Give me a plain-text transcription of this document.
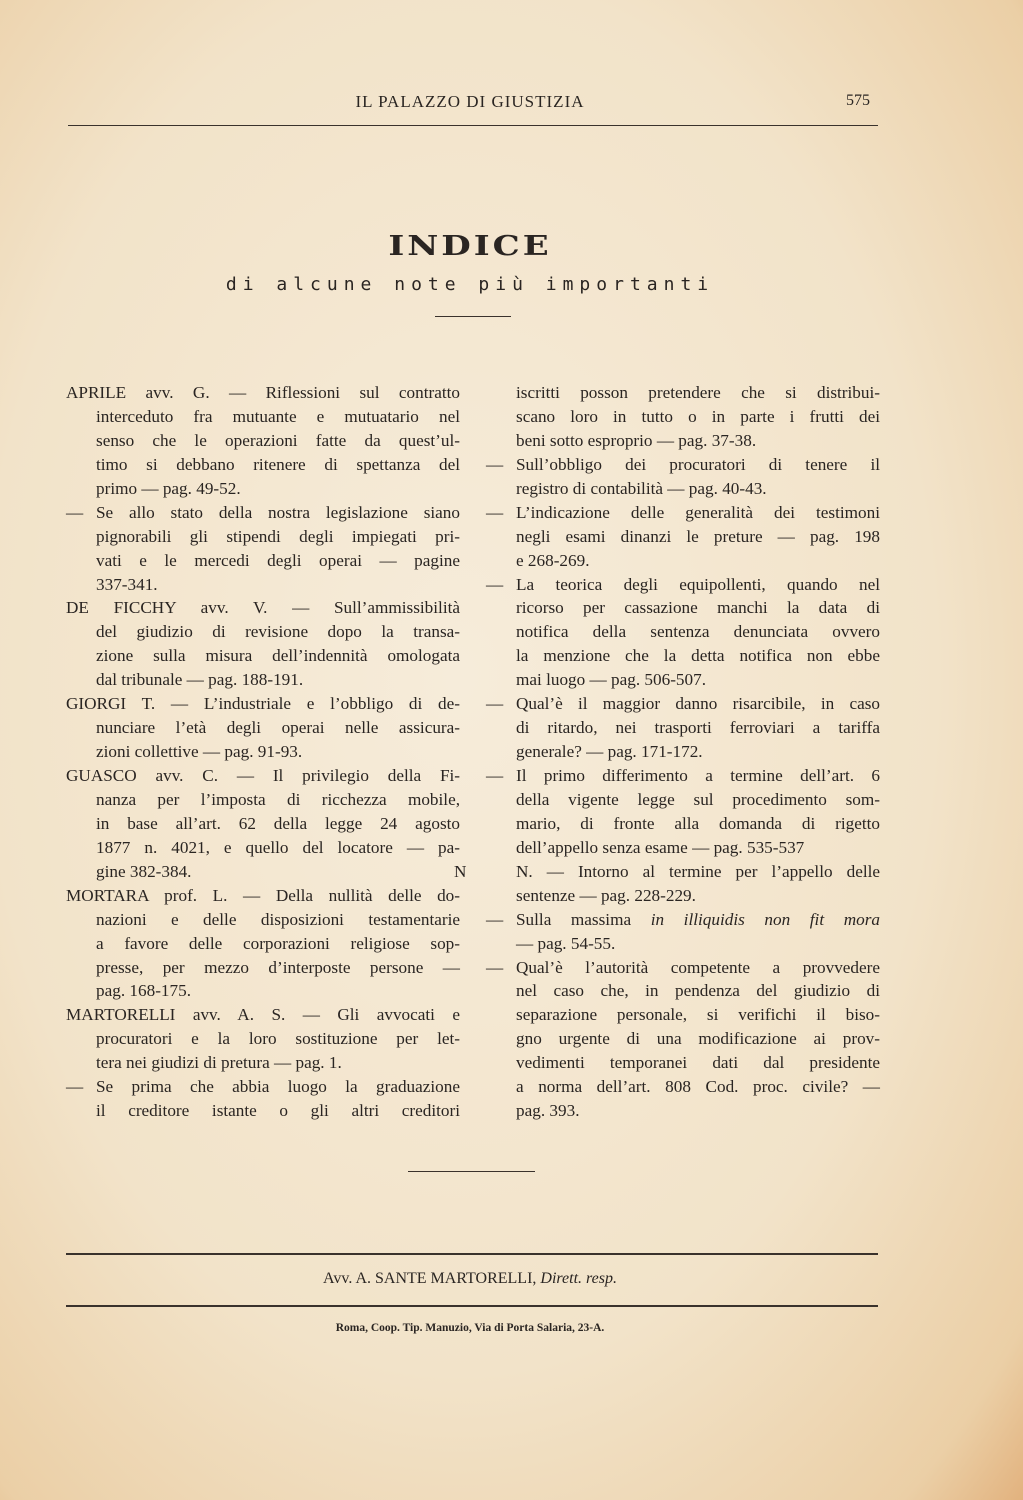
IL PALAZZO DI GIUSTIZIA	575
INDICE
di alcune note più importanti
APRILE avv. G. — Riflessioni sul contratto
interceduto fra mutuante e mutuatario nel
senso che le operazioni fatte da quest’ul-
timo si debbano ritenere di spettanza del
primo — pag. 49-52.
— Se allo stato della nostra legislazione siano
pignorabili gli stipendi degli impiegati pri-
vati e le mercedi degli operai — pagine
337-341.
DE FICCHY avv. V. — Sull’ammissibilità
del giudizio di revisione dopo la transa-
zione sulla misura dell’indennità omologata
dal tribunale — pag. 188-191.
GIORGI T. — L’industriale e l’obbligo di de-
nunciare l’età degli operai nelle assicura-
zioni collettive — pag. 91-93.
GUASCO avv. C. — Il privilegio della Fi-
nanza per l’imposta di ricchezza mobile,
in base all’art. 62 della legge 24 agosto
1877 n. 4021, e quello del locatore — pa-
gine 382-384.
MORTARA prof. L. — Della nullità delle do-
nazioni e delle disposizioni testamentarie
a favore delle corporazioni religiose sop-
presse, per mezzo d’interposte persone —
pag. 168-175.
MARTORELLI avv. A. S. — Gli avvocati e
procuratori e la loro sostituzione per let-
tera nei giudizi di pretura — pag. 1.
— Se prima che abbia luogo la graduazione
il creditore istante o gli altri creditori
iscritti posson pretendere che si distribui-
scano loro in tutto o in parte i frutti dei
beni sotto esproprio — pag. 37-38.
— Sull’obbligo dei procuratori di tenere il
registro di contabilità — pag. 40-43.
— L’indicazione delle generalità dei testimoni
negli esami dinanzi le preture — pag. 198
e 268-269.
— La teorica degli equipollenti, quando nel
ricorso per cassazione manchi la data di
notifica della sentenza denunciata ovvero
la menzione che la detta notifica non ebbe
mai luogo — pag. 506-507.
— Qual’è il maggior danno risarcibile, in caso
di ritardo, nei trasporti ferroviari a tariffa
generale? — pag. 171-172.
— Il primo differimento a termine dell’art. 6
della vigente legge sul procedimento som-
mario, di fronte alla domanda di rigetto
dell’appello senza esame — pag. 535-537
N	N. — Intorno al termine per l’appello delle
sentenze — pag. 228-229.
— Sulla massima in illiquidis non fit mora
— pag. 54-55.
— Qual’è l’autorità competente a provvedere
nel caso che, in pendenza del giudizio di
separazione personale, si verifichi il biso-
gno urgente di una modificazione ai prov-
vedimenti temporanei dati dal presidente
a norma dell’art. 808 Cod. proc. civile? —
pag. 393.
Avv. A. SANTE MARTORELLI, Dirett. resp.
Roma, Coop. Tip. Manuzio, Via di Porta Salaria, 23-A.
